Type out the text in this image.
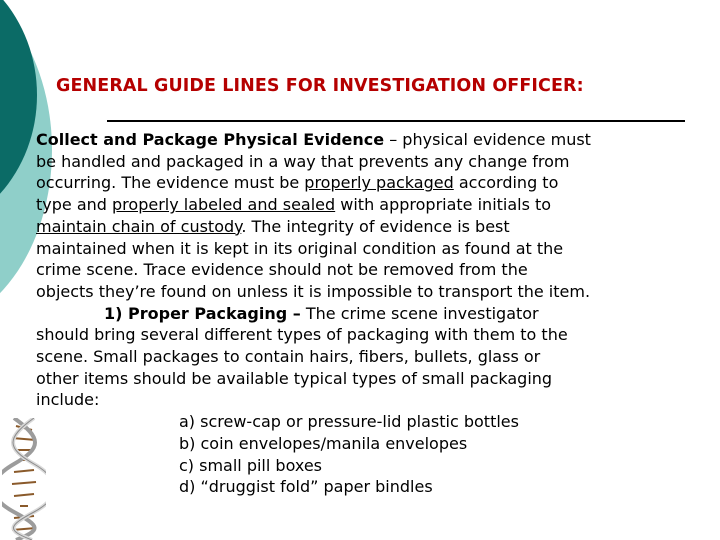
GENERAL GUIDE LINES FOR INVESTIGATION OFFICER:
Collect and Package Physical Evidence – physical evidence must
be handled and packaged in a way that prevents any change from
occurring. The evidence must be properly packaged according to
type and properly labeled and sealed with appropriate initials to
maintain chain of custody. The integrity of evidence is best
maintained when it is kept in its original condition as found at the
crime scene. Trace evidence should not be removed from the
objects they’re found on unless it is impossible to transport the item.
1) Proper Packaging – The crime scene investigator
should bring several different types of packaging with them to the
scene. Small packages to contain hairs, fibers, bullets, glass or
other items should be available typical types of small packaging
include:
a) screw-cap or pressure-lid plastic bottles
b) coin envelopes/manila envelopes
c) small pill boxes
d) “druggist fold” paper bindles
